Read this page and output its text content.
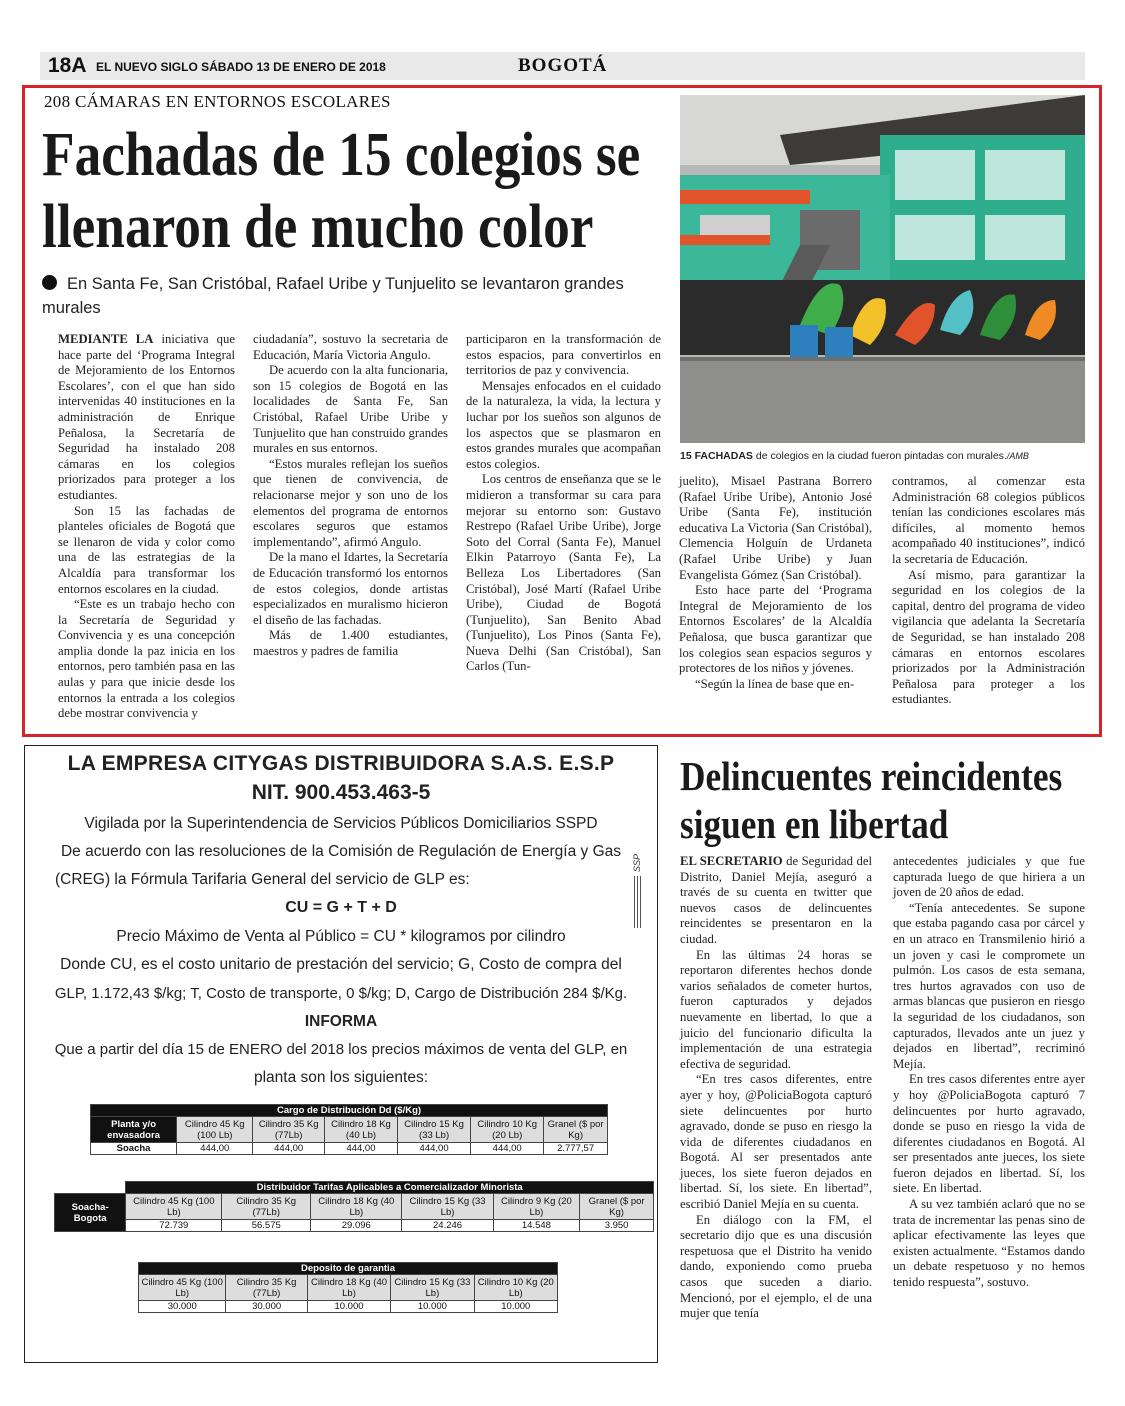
18A EL NUEVO SIGLO SÁBADO 13 DE ENERO DE 2018	BOGOTÁ
208 CÁMARAS EN ENTORNOS ESCOLARES
Fachadas de 15 colegios se
llenaron de mucho color
En Santa Fe, San Cristóbal, Rafael Uribe y Tunjuelito se levantaron grandes murales

MEDIANTE LA iniciativa que hace parte del ‘Programa Integral de Mejoramiento de los Entornos Escolares’, con el que han sido intervenidas 40 instituciones en la administración de Enrique Peñalosa, la Secretaría de Seguridad ha instalado 208 cámaras en los colegios priorizados para proteger a los estudiantes.

Son 15 las fachadas de planteles oficiales de Bogotá que se llenaron de vida y color como una de las estrategias de la Alcaldía para transformar los entornos escolares en la ciudad.

“Este es un trabajo hecho con la Secretaría de Seguridad y Convivencia y es una concepción amplia donde la paz inicia en los entornos, pero también pasa en las aulas y para que inicie desde los entornos la entrada a los colegios debe mostrar convivencia y

ciudadanía”, sostuvo la secretaria de Educación, María Victoria Angulo.

De acuerdo con la alta funcionaria, son 15 colegios de Bogotá en las localidades de Santa Fe, San Cristóbal, Rafael Uribe Uribe y Tunjuelito que han construido grandes murales en sus entornos.

“Estos murales reflejan los sueños que tienen de convivencia, de relacionarse mejor y son uno de los elementos del programa de entornos escolares seguros que estamos implementando”, afirmó Angulo.

De la mano el Idartes, la Secretaría de Educación transformó los entornos de estos colegios, donde artistas especializados en muralismo hicieron el diseño de las fachadas.

Más de 1.400 estudiantes, maestros y padres de familia

participaron en la transformación de estos espacios, para convertirlos en territorios de paz y convivencia.

Mensajes enfocados en el cuidado de la naturaleza, la vida, la lectura y luchar por los sueños son algunos de los aspectos que se plasmaron en estos grandes murales que acompañan estos colegios.

Los centros de enseñanza que se le midieron a transformar su cara para mejorar su entorno son: Gustavo Restrepo (Rafael Uribe Uribe), Jorge Soto del Corral (Santa Fe), Manuel Elkin Patarroyo (Santa Fe), La Belleza Los Libertadores (San Cristóbal), José Martí (Rafael Uribe Uribe), Ciudad de Bogotá (Tunjuelito), San Benito Abad (Tunjuelito), Los Pinos (Santa Fe), Nueva Delhi (San Cristóbal), San Carlos (Tun-

juelito), Misael Pastrana Borrero (Rafael Uribe Uribe), Antonio José Uribe (Santa Fe), institución educativa La Victoria (San Cristóbal), Clemencia Holguín de Urdaneta (Rafael Uribe Uribe) y Juan Evangelista Gómez (San Cristóbal).

Esto hace parte del ‘Programa Integral de Mejoramiento de los Entornos Escolares’ de la Alcaldía Peñalosa, que busca garantizar que los colegios sean espacios seguros y protectores de los niños y jóvenes.

“Según la línea de base que en-

contramos, al comenzar esta Administración 68 colegios públicos tenían las condiciones escolares más difíciles, al momento hemos acompañado 40 instituciones”, indicó la secretaria de Educación.

Así mismo, para garantizar la seguridad en los colegios de la capital, dentro del programa de video vigilancia que adelanta la Secretaría de Seguridad, se han instalado 208 cámaras en entornos escolares priorizados por la Administración Peñalosa para proteger a los estudiantes.

15 FACHADAS de colegios en la ciudad fueron pintadas con murales./AMB
LA EMPRESA CITYGAS DISTRIBUIDORA S.A.S. E.S.P
NIT. 900.453.463-5
Vigilada por la Superintendencia de Servicios Públicos Domiciliarios SSPD
De acuerdo con las resoluciones de la Comisión de Regulación de Energía y Gas
(CREG) la Fórmula Tarifaria General del servicio de GLP es:
CU = G + T + D
Precio Máximo de Venta al Público = CU * kilogramos por cilindro
Donde CU, es el costo unitario de prestación del servicio; G, Costo de compra del
GLP, 1.172,43 $/kg; T, Costo de transporte, 0 $/kg; D, Cargo de Distribución 284 $/Kg.
INFORMA
Que a partir del día 15 de ENERO del 2018 los precios máximos de venta del GLP, en
planta son los siguientes:
SSP
Cargo de Distribución Dd ($/Kg)						
Planta y/o envasadora	Cilindro 45 Kg (100 Lb)	Cilindro 35 Kg (77Lb)	Cilindro 18 Kg (40 Lb)	Cilindro 15 Kg (33 Lb)	Cilindro 10 Kg (20 Lb)	Granel ($ por Kg)
Soacha	444,00	444,00	444,00	444,00	444,00	2.777,57
	Distribuidor Tarifas Aplicables a Comercializador Minorista					
Soacha-Bogota	Cilindro 45 Kg (100 Lb)	Cilindro 35 Kg (77Lb)	Cilindro 18 Kg (40 Lb)	Cilindro 15 Kg (33 Lb)	Cilindro 9 Kg (20 Lb)	Granel ($ por Kg)
	72.739	56.575	29.096	24.246	14.548	3.950
Deposito de garantia				
Cilindro 45 Kg (100 Lb)	Cilindro 35 Kg (77Lb)	Cilindro 18 Kg (40 Lb)	Cilindro 15 Kg (33 Lb)	Cilindro 10 Kg (20 Lb)
30.000	30.000	10.000	10.000	10.000
Delincuentes reincidentes
siguen en libertad

EL SECRETARIO de Seguridad del Distrito, Daniel Mejía, aseguró a través de su cuenta en twitter que nuevos casos de delincuentes reincidentes se presentaron en la ciudad.

En las últimas 24 horas se reportaron diferentes hechos donde varios señalados de cometer hurtos, fueron capturados y dejados nuevamente en libertad, lo que a juicio del funcionario dificulta la implementación de una estrategia efectiva de seguridad.

“En tres casos diferentes, entre ayer y hoy, @PoliciaBogota capturó siete delincuentes por hurto agravado, donde se puso en riesgo la vida de diferentes ciudadanos en Bogotá. Al ser presentados ante jueces, los siete fueron dejados en libertad. Sí, los siete. En libertad”, escribió Daniel Mejía en su cuenta.

En diálogo con la FM, el secretario dijo que es una discusión respetuosa que el Distrito ha venido dando, exponiendo como prueba casos que suceden a diario. Mencionó, por el ejemplo, el de una mujer que tenía

antecedentes judiciales y que fue capturada luego de que hiriera a un joven de 20 años de edad.

“Tenía antecedentes. Se supone que estaba pagando casa por cárcel y en un atraco en Transmilenio hirió a un joven y casi le compromete un pulmón. Los casos de esta semana, tres hurtos agravados con uso de armas blancas que pusieron en riesgo la seguridad de los ciudadanos, son capturados, llevados ante un juez y dejados en libertad”, recriminó Mejía.

En tres casos diferentes entre ayer y hoy @PoliciaBogota capturó 7 delincuentes por hurto agravado, donde se puso en riesgo la vida de diferentes ciudadanos en Bogotá. Al ser presentados ante jueces, los siete fueron dejados en libertad. Sí, los siete. En libertad.

A su vez también aclaró que no se trata de incrementar las penas sino de aplicar efectivamente las leyes que existen actualmente. “Estamos dando un debate respetuoso y no hemos tenido respuesta”, sostuvo.
